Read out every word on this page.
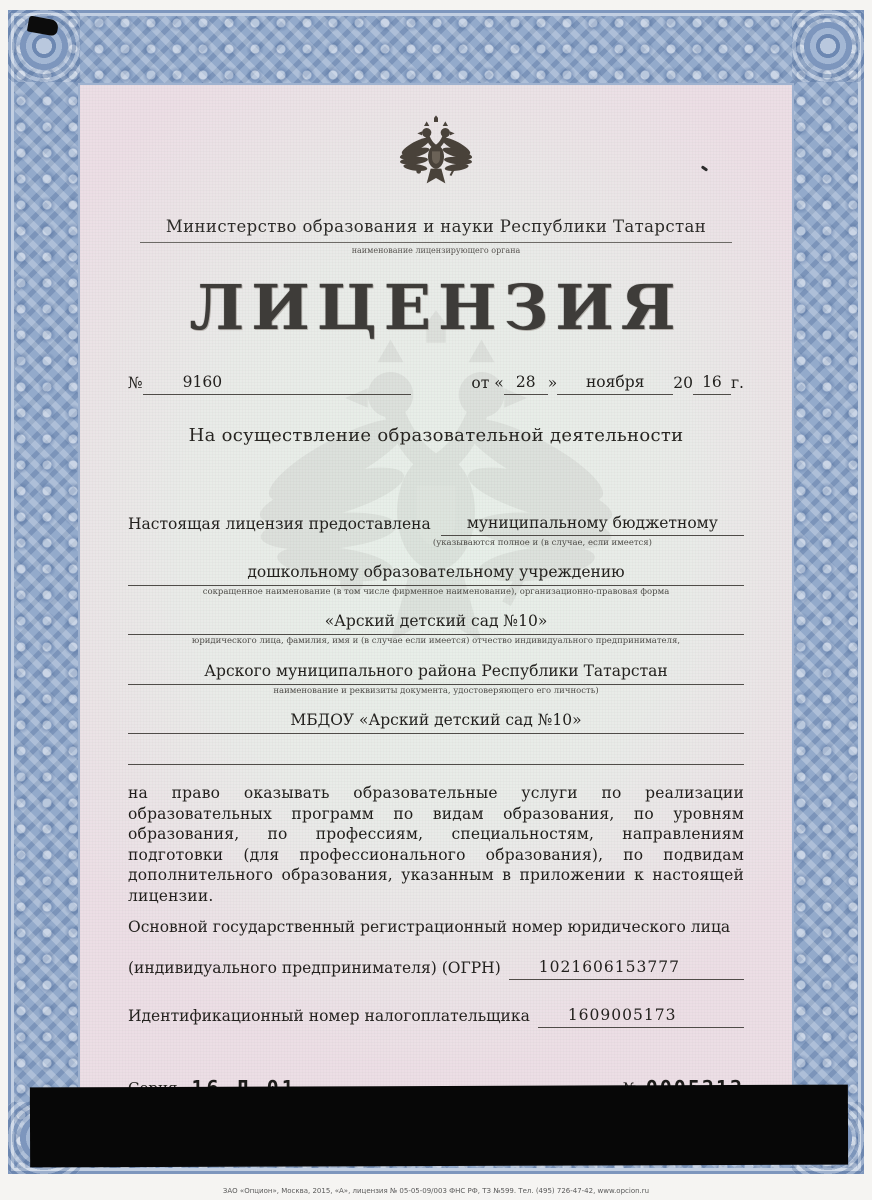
Министерство образования и науки Республики Татарстан
наименование лицензирующего органа
ЛИЦЕНЗИЯ
№	9160	от « 28 »	ноября	20 16 г.
На осуществление образовательной деятельности
Настоящая лицензия предоставлена	муниципальному бюджетному
(указываются полное и (в случае, если имеется)
дошкольному образовательному учреждению
сокращенное наименование (в том числе фирменное наименование), организационно-правовая форма
«Арский детский сад №10»
юридического лица, фамилия, имя и (в случае если имеется) отчество индивидуального предпринимателя,
Арского муниципального района Республики Татарстан
наименование и реквизиты документа, удостоверяющего его личность)
МБДОУ «Арский детский сад №10»
на право оказывать образовательные услуги по реализации образовательных программ по видам образования, по уровням образования, по профессиям, специальностям, направлениям подготовки (для профессионального образования), по подвидам дополнительного образования, указанным в приложении к настоящей лицензии.
Основной государственный регистрационный номер юридического лица
(индивидуального предпринимателя) (ОГРН)	1021606153777
Идентификационный номер налогоплательщика	1609005173
ЗАО «Опцион», Москва, 2015, «А», лицензия № 05-05-09/003 ФНС РФ, ТЗ №599. Тел. (495) 726-47-42, www.opcion.ru
